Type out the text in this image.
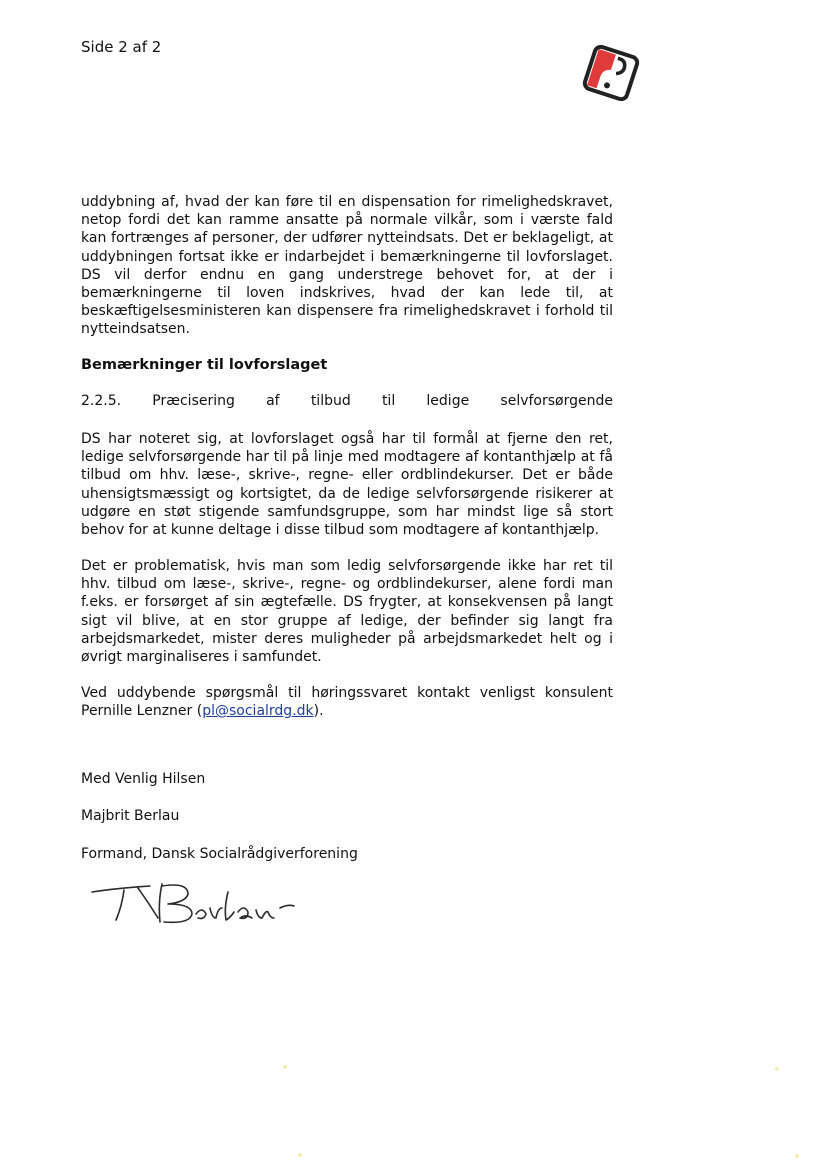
Side 2 af 2

uddybning af, hvad der kan føre til en dispensation for rimelighedskravet, netop fordi det kan ramme ansatte på normale vilkår, som i værste fald kan fortrænges af personer, der udfører nytteindsats. Det er beklageligt, at uddybningen fortsat ikke er indarbejdet i bemærkningerne til lovforslaget. DS vil derfor endnu en gang understrege behovet for, at der i bemærkningerne til loven indskrives, hvad der kan lede til, at beskæftigelsesministeren kan dispensere fra rimelighedskravet i forhold til nytteindsatsen.

Bemærkninger til lovforslaget
2.2.5. Præcisering af tilbud til ledige selvforsørgende

DS har noteret sig, at lovforslaget også har til formål at fjerne den ret, ledige selvforsørgende har til på linje med modtagere af kontanthjælp at få tilbud om hhv. læse-, skrive-, regne- eller ordblindekurser. Det er både uhensigtsmæssigt og kortsigtet, da de ledige selvforsørgende risikerer at udgøre en støt stigende samfundsgruppe, som har mindst lige så stort behov for at kunne deltage i disse tilbud som modtagere af kontanthjælp.

Det er problematisk, hvis man som ledig selvforsørgende ikke har ret til hhv. tilbud om læse-, skrive-, regne- og ordblindekurser, alene fordi man f.eks. er forsørget af sin ægtefælle. DS frygter, at konsekvensen på langt sigt vil blive, at en stor gruppe af ledige, der befinder sig langt fra arbejdsmarkedet, mister deres muligheder på arbejdsmarkedet helt og i øvrigt marginaliseres i samfundet.

Ved uddybende spørgsmål til høringssvaret kontakt venligst konsulent Pernille Lenzner (pl@socialrdg.dk).

Med Venlig Hilsen
Majbrit Berlau
Formand, Dansk Socialrådgiverforening
